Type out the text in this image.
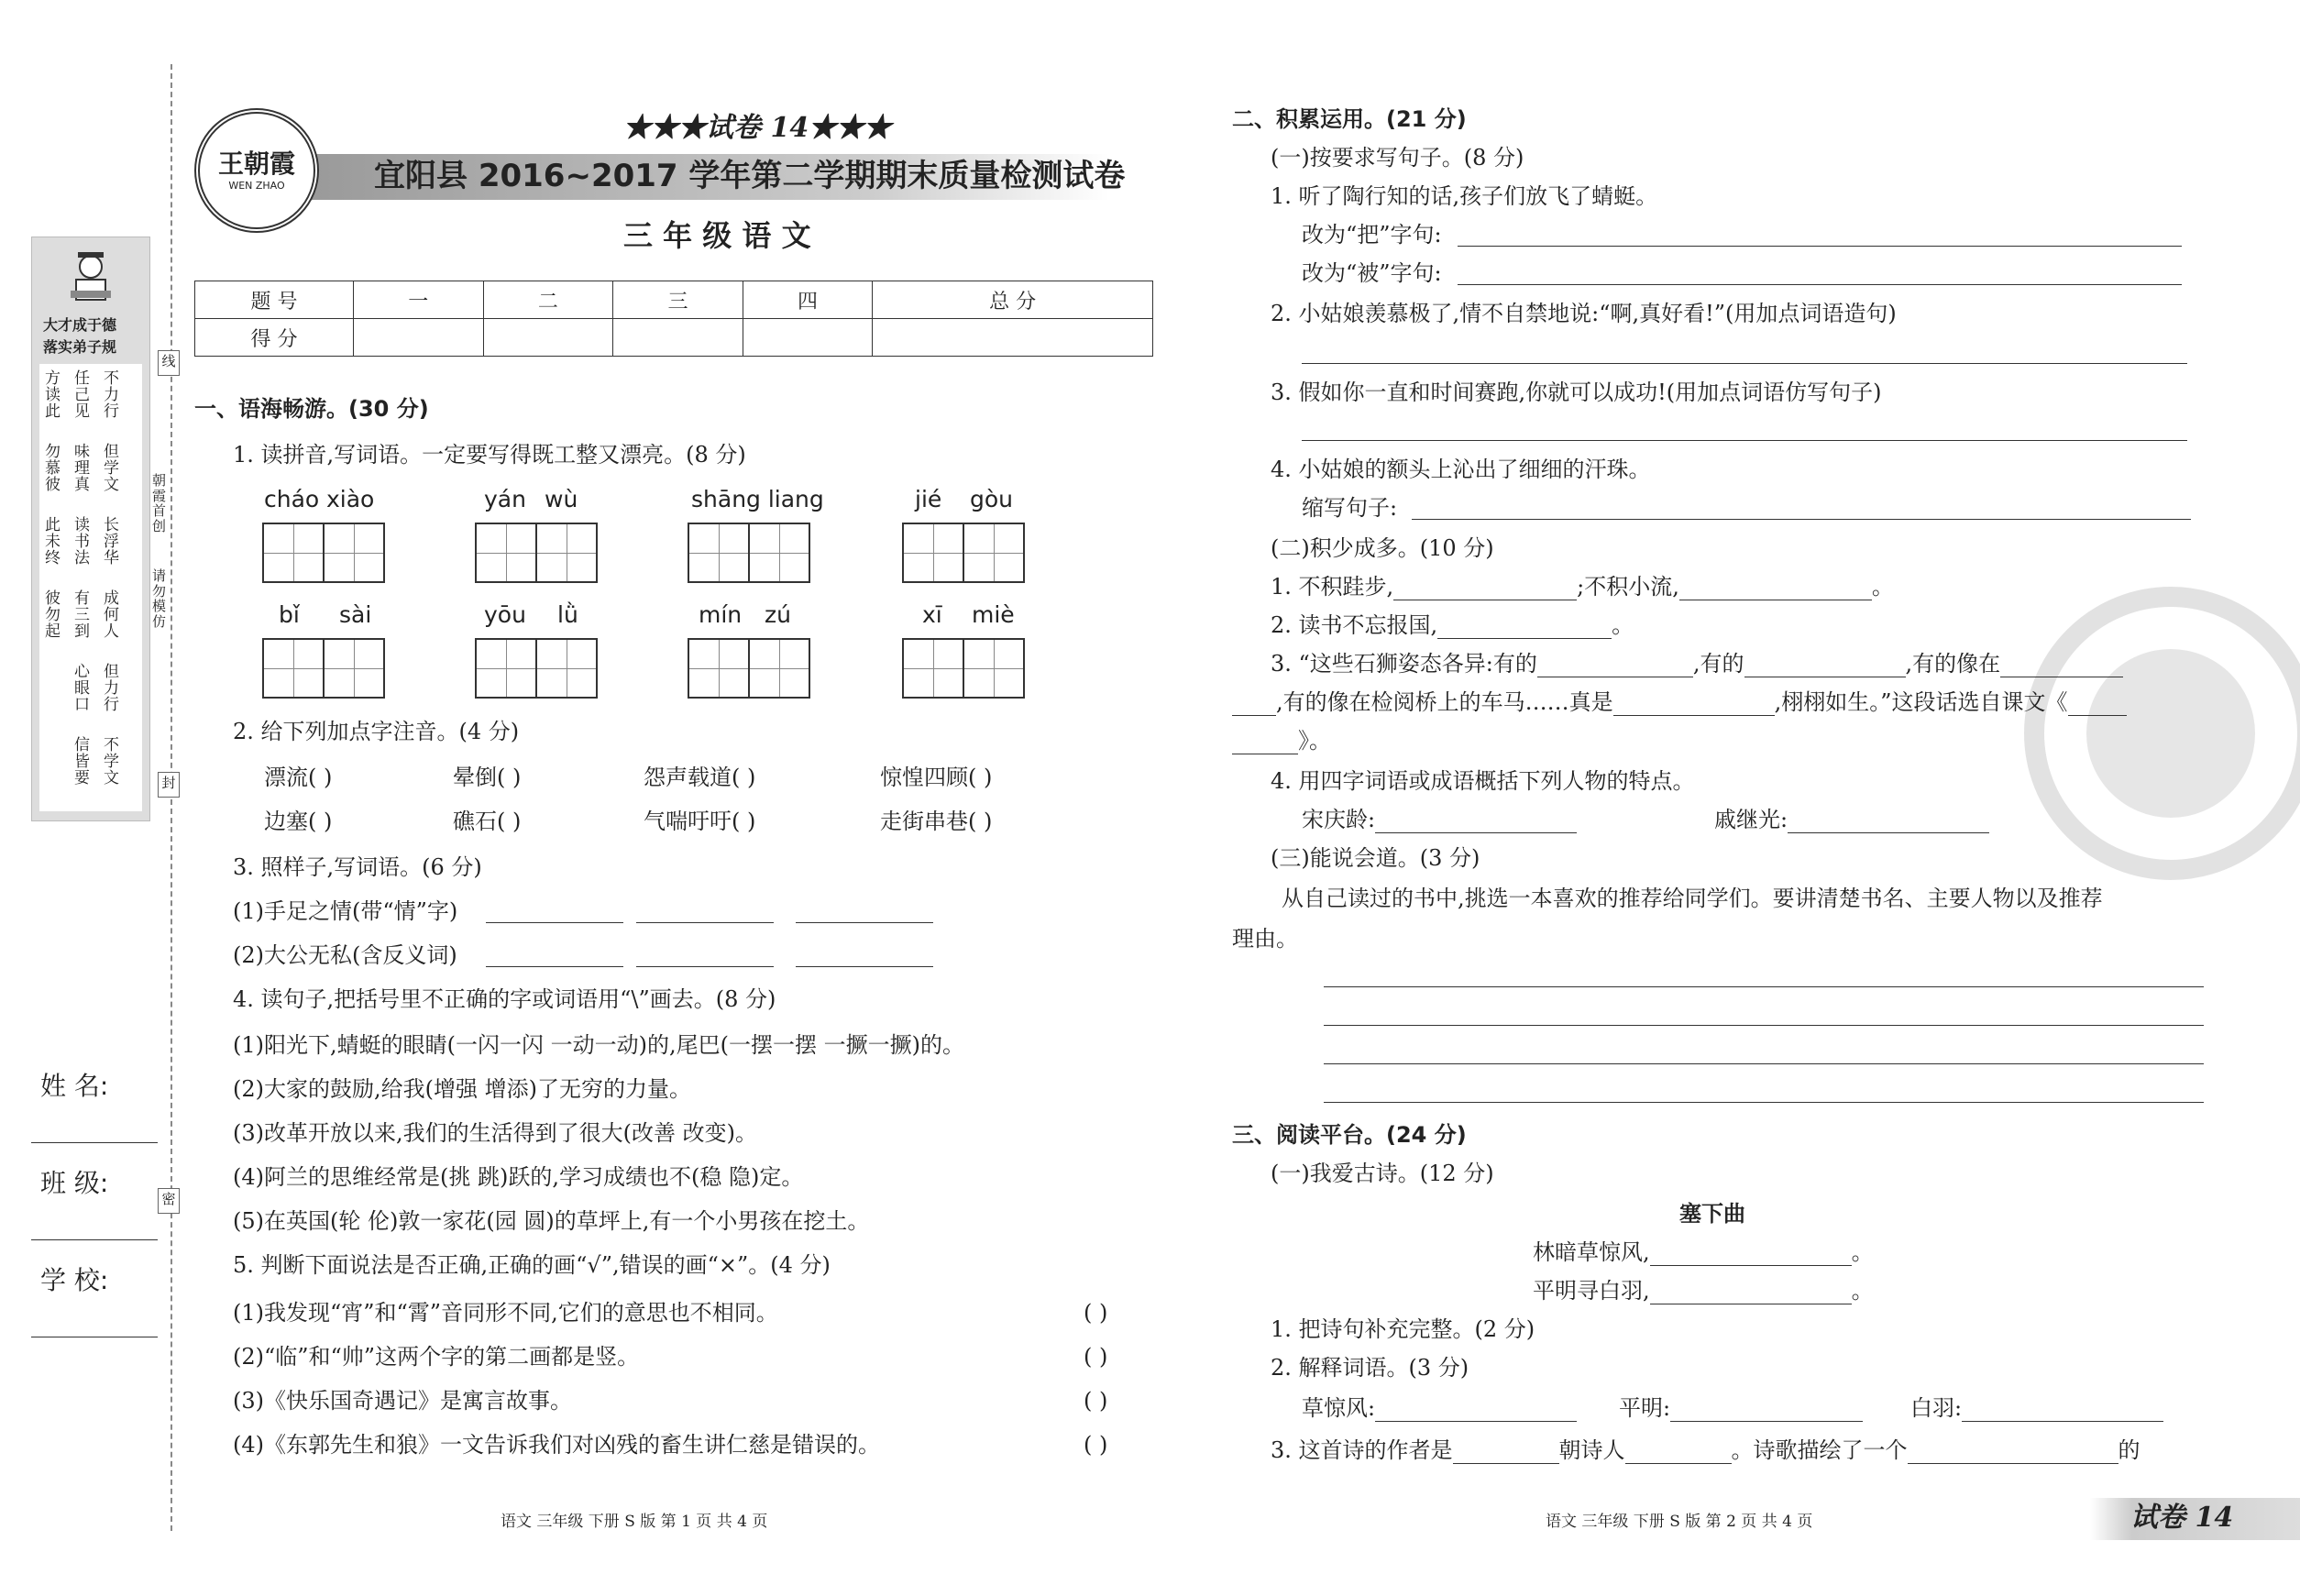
大才成于德
落实弟子规
方读此
任己见
不力行
勿慕彼
味理真
但学文
此未终
读书法
长浮华
彼勿起
有三到
成何人
心眼口
但力行
信皆要
不学文
朝霞首创
请勿模仿
线
封
密
姓 名:
班 级:
学 校:
王朝霞
WEN ZHAO
★★★试卷 14★★★
宜阳县 2016~2017 学年第二学期期末质量检测试卷
三 年 级 语 文
题 号	一	二	三	四	总 分
得 分					
一、语海畅游。(30 分)
1. 读拼音,写词语。一定要写得既工整又漂亮。(8 分)
cháo xiào	yán wù	shāng liang	jié gòu
bǐ sài	yōu lǜ	mín zú	xī miè
2. 给下列加点字注音。(4 分)
漂流( )	晕倒( )	怨声载道( )	惊惶四顾( )
边塞( )	礁石( )	气喘吁吁( )	走街串巷( )
3. 照样子,写词语。(6 分)
(1)手足之情(带“情”字)
(2)大公无私(含反义词)
4. 读句子,把括号里不正确的字或词语用“\”画去。(8 分)
(1)阳光下,蜻蜓的眼睛(一闪一闪 一动一动)的,尾巴(一摆一摆 一撅一撅)的。
(2)大家的鼓励,给我(增强 增添)了无穷的力量。
(3)改革开放以来,我们的生活得到了很大(改善 改变)。
(4)阿兰的思维经常是(挑 跳)跃的,学习成绩也不(稳 隐)定。
(5)在英国(轮 伦)敦一家花(园 圆)的草坪上,有一个小男孩在挖土。
5. 判断下面说法是否正确,正确的画“√”,错误的画“×”。(4 分)
(1)我发现“宵”和“霄”音同形不同,它们的意思也不相同。	( )
(2)“临”和“帅”这两个字的第二画都是竖。	( )
(3)《快乐国奇遇记》是寓言故事。	( )
(4)《东郭先生和狼》一文告诉我们对凶残的畜生讲仁慈是错误的。	( )
语文 三年级 下册 S 版 第 1 页 共 4 页
二、积累运用。(21 分)
(一)按要求写句子。(8 分)
1. 听了陶行知的话,孩子们放飞了蜻蜓。
改为“把”字句:
改为“被”字句:
2. 小姑娘羡慕极了,情不自禁地说:“啊,真好看!”(用加点词语造句)
3. 假如你一直和时间赛跑,你就可以成功!(用加点词语仿写句子)
4. 小姑娘的额头上沁出了细细的汗珠。
缩写句子:
(二)积少成多。(10 分)
1. 不积跬步,	;不积小流,	。
2. 读书不忘报国,	。
3. “这些石狮姿态各异:有的	,有的	,有的像在
,有的像在检阅桥上的车马……真是	,栩栩如生。”这段话选自课文《
》。
4. 用四字词语或成语概括下列人物的特点。
宋庆龄:	戚继光:
(三)能说会道。(3 分)
从自己读过的书中,挑选一本喜欢的推荐给同学们。要讲清楚书名、主要人物以及推荐
理由。
三、阅读平台。(24 分)
(一)我爱古诗。(12 分)
塞下曲
林暗草惊风,	。
平明寻白羽,	。
1. 把诗句补充完整。(2 分)
2. 解释词语。(3 分)
草惊风:	平明:	白羽:
3. 这首诗的作者是	朝诗人	。诗歌描绘了一个	的
语文 三年级 下册 S 版 第 2 页 共 4 页	试卷 14
